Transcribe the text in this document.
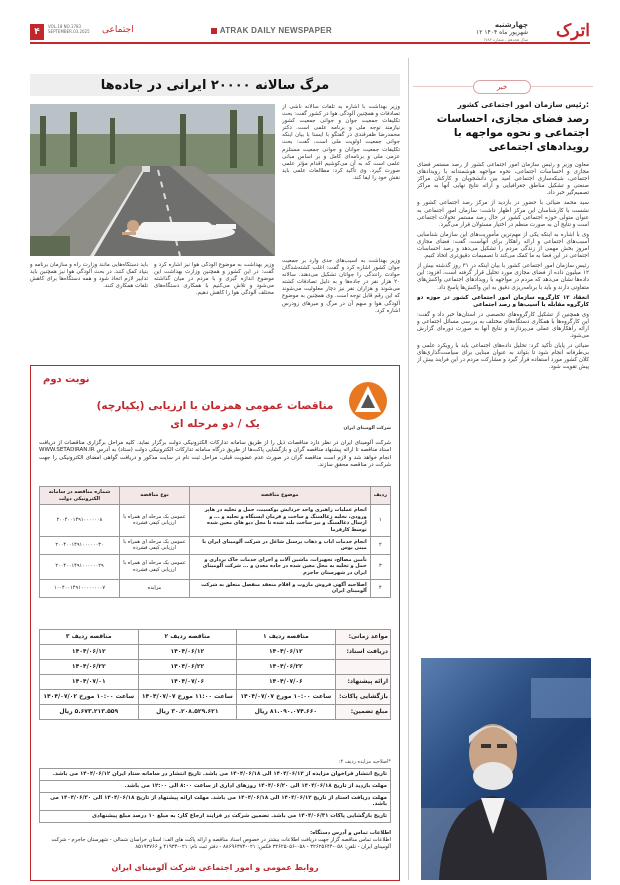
۴
VOL.18 NO.1783
SEPTEMBER.03.2025 اجتماعی	ATRAK DAILY NEWSPAPER
چهارشنبه
۱۲ شهریور ماه ۱۴۰۴
سال هجدهم ـ شماره ۱۷۸۳	اترک
مرگ سالانه ۲۰۰۰۰ ایرانی در جاده‌ها
وزیر بهداشت با اشاره به تلفات سالانه ناشی از تصادفات و همچنین آلودگی هوا در کشور گفت: بحث تکلیفات جمعیت جوان و جوانی جمعیت کشور نیازمند توجه ملی و برنامه علمی است. دکتر محمدرضا ظفرقندی در گفتگو با ایسنا با بیان اینکه جوانی جمعیت اولویت ملی است، گفت: بحث تکلیفات جمعیت جوانان و جوانی جمعیت مستلزم عزمی ملی و برنامه‌ای کامل و بر اساس مبانی علمی است که به آن می‌کوشیم اقدام مؤثر علمی صورت گیرد. وی تأکید کرد: مطالعات علمی باید نقش خود را ایفا کند.
وزیر بهداشت به آسیب‌های جدی وارد بر جمعیت جوان کشور اشاره کرد و گفت: اغلب کشته‌شدگان حوادث رانندگی را جوانان تشکیل می‌دهند. سالانه ۲۰ هزار نفر در جاده‌ها و به دلیل تصادفات کشته می‌شوند و هزاران نفر نیز دچار معلولیت می‌شوند که این رقم قابل توجه است. وی همچنین به موضوع آلودگی هوا و سهم آن در مرگ و میرهای زودرس اشاره کرد.
وزیر بهداشت به موضوع آلودگی هوا نیز اشاره کرد و گفت: در این کشور و همچنین وزارت بهداشت این موضوع اندازه گیری و با مردم در میان گذاشته می‌شود و تلاش می‌کنیم با همکاری دستگاه‌های مختلف آلودگی هوا را کاهش دهیم.
باید دستگاه‌هایی مانند وزارت راه و سازمان برنامه و بنیاد کمک کنند. در بحث آلودگی هوا نیز همچنین باید تدابیر لازم اتخاذ شود و همه دستگاه‌ها برای کاهش تلفات همکاری کنند.
نوبت دوم
شرکت آلومینای ایران
مناقصات عمومی همزمان با ارزیابی (یکپارچه)
یک / دو مرحله ای
شرکت آلومینای ایران در نظر دارد مناقصات ذیل را از طریق سامانه تدارکات الکترونیکی دولت برگزار نماید. کلیه مراحل برگزاری مناقصات از دریافت اسناد مناقصه تا ارائه پیشنهاد مناقصه گران و بازگشایی پاکت‌ها از طریق درگاه سامانه تدارکات الکترونیکی دولت (ستاد) به آدرس WWW.SETADIRAN.IR انجام خواهد شد و لازم است مناقصه گران در صورت عدم عضویت قبلی، مراحل ثبت نام در سایت مذکور و دریافت گواهی امضای الکترونیکی را جهت شرکت در مناقصه محقق سازند.
ردیف	موضوع مناقصه	نوع مناقصه	شماره مناقصه در سامانه الکترونیکی دولت
۱	انجام عملیات راهبری واحد خردایش بوکسیت، حمل و تخلیه در هاپر ورودی، تخلیه زغالسنگ و ساخت و فرمان ایستگاه و تخلیه و ... و ارسال ذغالسنگ و نیز ساخت بلند شده تا محل دپو های معین شده توسط کارفرما	عمومی یک مرحله ای همراه با ارزیابی کیفی فشرده	۲۰۰۴۰۰۱۴۹۱۰۰۰۰۰۰۸
۲	انجام خدمات ایاب و ذهاب پرسنل شاغل در شرکت آلومینای ایران با مینی بوس	عمومی یک مرحله ای همراه با ارزیابی کیفی فشرده	۲۰۰۴۰۰۱۴۹۱۰۰۰۰۰۰۳۰
۳	تأمین مصالح، تجهیزات، ماشین آلات و اجرای خدمات خاک برداری و حمل و تخلیه به محل معین شده در جاده معدن و ... شرکت آلومینای ایران در شهرستان جاجرم	عمومی یک مرحله ای همراه با ارزیابی کیفی فشرده	۲۰۰۴۰۰۱۴۹۱۰۰۰۰۰۰۲۹
۴	اصلاحیه آگهی فروش مازوت و اقلام منعقد منفصل متعلق به شرکت آلومینای ایران	مزایده	۱۰۰۴۰۰۱۴۹۱۰۰۰۰۰۰۰۰۷
مواعد زمانی:	مناقصه ردیف ۱	مناقصه ردیف ۲	مناقصه ردیف ۳
دریافت اسناد:	۱۴۰۴/۰۶/۱۲	۱۴۰۴/۰۶/۱۲	۱۴۰۴/۰۶/۱۲
	۱۴۰۴/۰۶/۲۲	۱۴۰۴/۰۶/۲۲	۱۴۰۴/۰۶/۲۲
ارائه پیشنهاد:	۱۴۰۴/۰۷/۰۶	۱۴۰۴/۰۷/۰۶	۱۴۰۴/۰۷/۰۱
بازگشایی پاکات:	ساعت ۱۰:۰۰ مورخ ۱۴۰۴/۰۷/۰۷	ساعت ۱۱:۰۰ مورخ ۱۴۰۴/۰۷/۰۷	ساعت ۱۰:۰۰ مورخ ۱۴۰۴/۰۷/۰۲
مبلغ تضمین:	۸۱.۰۹۰.۰۷۴.۶۶۰ ریال	۳۰.۲۰۸.۵۲۹.۶۲۱ ریال	۵.۶۷۳.۲۱۳.۵۵۹ ریال
*اصلاحیه مزایده ردیف ۴:
تاریخ انتشار فراخوان مزایده از ۱۴۰۴/۰۶/۱۲ الی ۱۴۰۴/۰۶/۱۸ می باشد. تاریخ انتشار در سامانه ستاد ایران ۱۴۰۴/۰۶/۱۲ می باشد.
مهلت بازدید از تاریخ ۱۴۰۴/۰۶/۱۸ الی ۱۴۰۴/۰۶/۲۰ روزهای اداری از ساعت ۸:۰۰ الی ۱۲:۰۰ می باشد.
مهلت دریافت اسناد از تاریخ ۱۴۰۴/۰۶/۱۲ الی ۱۴۰۴/۰۶/۱۸ می باشد. مهلت ارائه پیشنهاد از تاریخ ۱۴۰۴/۰۶/۱۸ الی ۱۴۰۴/۰۶/۳۰ می باشد.
تاریخ بازگشایی پاکات ۱۴۰۴/۰۶/۳۱ می باشد. تضمین شرکت در فرایند ارجاع کار: به مبلغ ۱۰ درصد مبلغ پیشنهادی
اطلاعات تماس و آدرس دستگاه:
اطلاعات تماس مناقصه گزار جهت دریافت اطلاعات بیشتر در خصوص اسناد مناقصه و ارائه پاکت های الف: استان خراسان شمالی - شهرستان جاجرم - شرکت آلومینای ایران - تلفن: ۰۵۸-۳۲۶۲۵۶۴۴ - ۰۵۸-۳۲۶۲۵۰۵۶ فکس: ۰۲۱-۸۸۶۹۶۳۷۴ - دفتر ثبت نام: ۰۲۱-۴۱۹۳۴ و ۸۵۱۹۳۷۶۶
روابط عمومی و امور اجتماعی شرکت آلومینای ایران
خبر
رئیس سازمان امور اجتماعی کشور:
رصد فضای مجازی، احساسات اجتماعی و نحوه مواجهه با رویدادهای اجتماعی

معاون وزیر و رئیس سازمان امور اجتماعی کشور از رصد مستمر فضای مجازی و احساسات اجتماعی، نحوه مواجهه هوشمندانه با رویدادهای اجتماعی، شبکه‌سازی اجتماعی امید بین دانشجویان و کارکنان مراکز صنعتی و تشکیل مناطق جغرافیایی و ارائه نتایج نهایی آنها به مراکز تصمیم‌گیر خبر داد.

سید محمد ضیائی با حضور در بازدید از مرکز رصد اجتماعی کشور و نشست با کارشناسان این مرکز اظهار داشت: سازمان امور اجتماعی به عنوان متولی حوزه اجتماعی کشور در حال رصد مستمر تحولات اجتماعی است و نتایج آن به صورت منظم در اختیار مسئولان قرار می‌گیرد.

وی با اشاره به اینکه یکی از مهم‌ترین مأموریت‌های این سازمان شناسایی آسیب‌های اجتماعی و ارائه راهکار برای آنهاست، گفت: فضای مجازی امروز بخش مهمی از زندگی مردم را تشکیل می‌دهد و رصد احساسات اجتماعی در این فضا به ما کمک می‌کند تا تصمیمات دقیق‌تری اتخاذ کنیم.

رئیس سازمان امور اجتماعی کشور با بیان اینکه در ۳۱ روز گذشته بیش از ۱۲ میلیون داده از فضای مجازی مورد تحلیل قرار گرفته است، افزود: این داده‌ها نشان می‌دهد که مردم در مواجهه با رویدادهای اجتماعی واکنش‌های متفاوتی دارند و باید با برنامه‌ریزی دقیق به این واکنش‌ها پاسخ داد.

انعقاد ۱۲ کارگروه سازمان امور اجتماعی کشور در حوزه دو کارگروه مقابله با آسیب‌ها و رصد اجتماعی

وی همچنین از تشکیل کارگروه‌های تخصصی در استان‌ها خبر داد و گفت: این کارگروه‌ها با همکاری دستگاه‌های مختلف به بررسی مسائل اجتماعی و ارائه راهکارهای عملی می‌پردازند و نتایج آنها به صورت دوره‌ای گزارش می‌شود.

ضیائی در پایان تأکید کرد: تحلیل داده‌های اجتماعی باید با رویکرد علمی و بی‌طرفانه انجام شود تا بتواند به عنوان مبنایی برای سیاست‌گذاری‌های کلان کشور مورد استفاده قرار گیرد و مشارکت مردم در این فرایند بیش از پیش تقویت شود.
